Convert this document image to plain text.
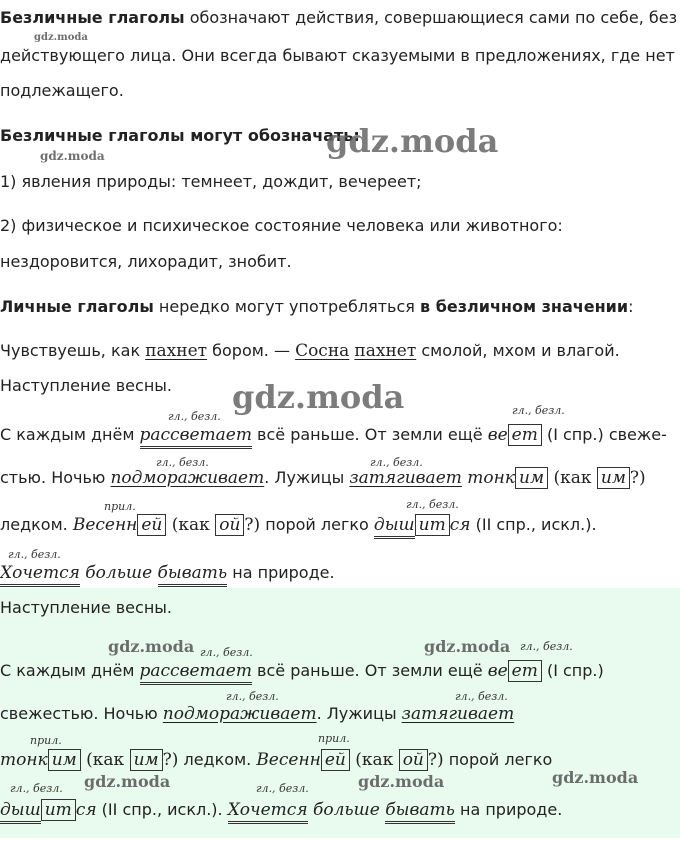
Безличные глаголы обозначают действия, совершающиеся сами по себе, без
действующего лица. Они всегда бывают сказуемыми в предложениях, где нет
подлежащего.
Безличные глаголы могут обозначать:
1) явления природы: темнеет, дождит, вечереет;
2) физическое и психическое состояние человека или животного:
нездоровится, лихорадит, знобит.
Личные глаголы нередко могут употребляться в безличном значении:
Чувствуешь, как пахнет бором. — Сосна пахнет смолой, мхом и влагой.
Наступление весны.
гл., безл.	гл., безл.
С каждым днём рассветает всё раньше. От земли ещё ве ет (I спр.) свеже-
гл., безл.	гл., безл.
стью. Ночью подмораживает. Лужицы затягивает тонк им (как им ?)
прил.	гл., безл.
ледком. Весенн ей (как ой ?) порой легко дыш ит ся (II спр., искл.).
гл., безл.
Хочется больше бывать на природе.
Наступление весны.
гл., безл.	гл., безл.
С каждым днём рассветает всё раньше. От земли ещё ве ет (I спр.)
гл., безл.	гл., безл.
свежестью. Ночью подмораживает. Лужицы затягивает
прил.	прил.
тонк им (как им ?) ледком. Весенн ей (как ой ?) порой легко
гл., безл.	гл., безл.
дыш ит ся (II спр., искл.). Хочется больше бывать на природе.
gdz.moda
gdz.moda	gdz.moda
gdz.moda
gdz.moda	gdz.moda
gdz.moda	gdz.moda	gdz.moda
